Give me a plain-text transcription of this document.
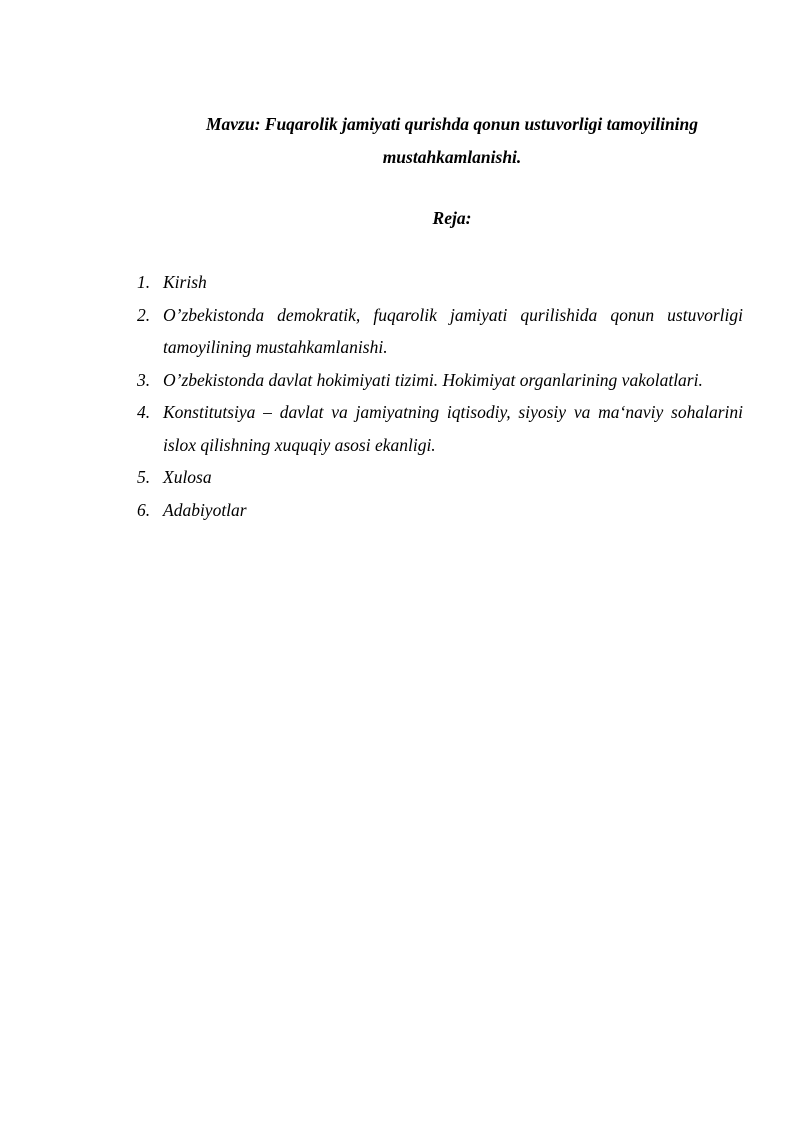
Mavzu: Fuqarolik jamiyati qurishda qonun ustuvorligi tamoyilining
mustahkamlanishi.
Reja:
1. Kirish
2. O’zbekistonda demokratik, fuqarolik jamiyati qurilishida qonun ustuvorligi tamoyilining mustahkamlanishi.
3. O’zbekistonda davlat hokimiyati tizimi. Hokimiyat organlarining vakolatlari.
4. Konstitutsiya – davlat va jamiyatning iqtisodiy, siyosiy va ma‘naviy sohalarini islox qilishning xuquqiy asosi ekanligi.
5. Xulosa
6. Adabiyotlar
